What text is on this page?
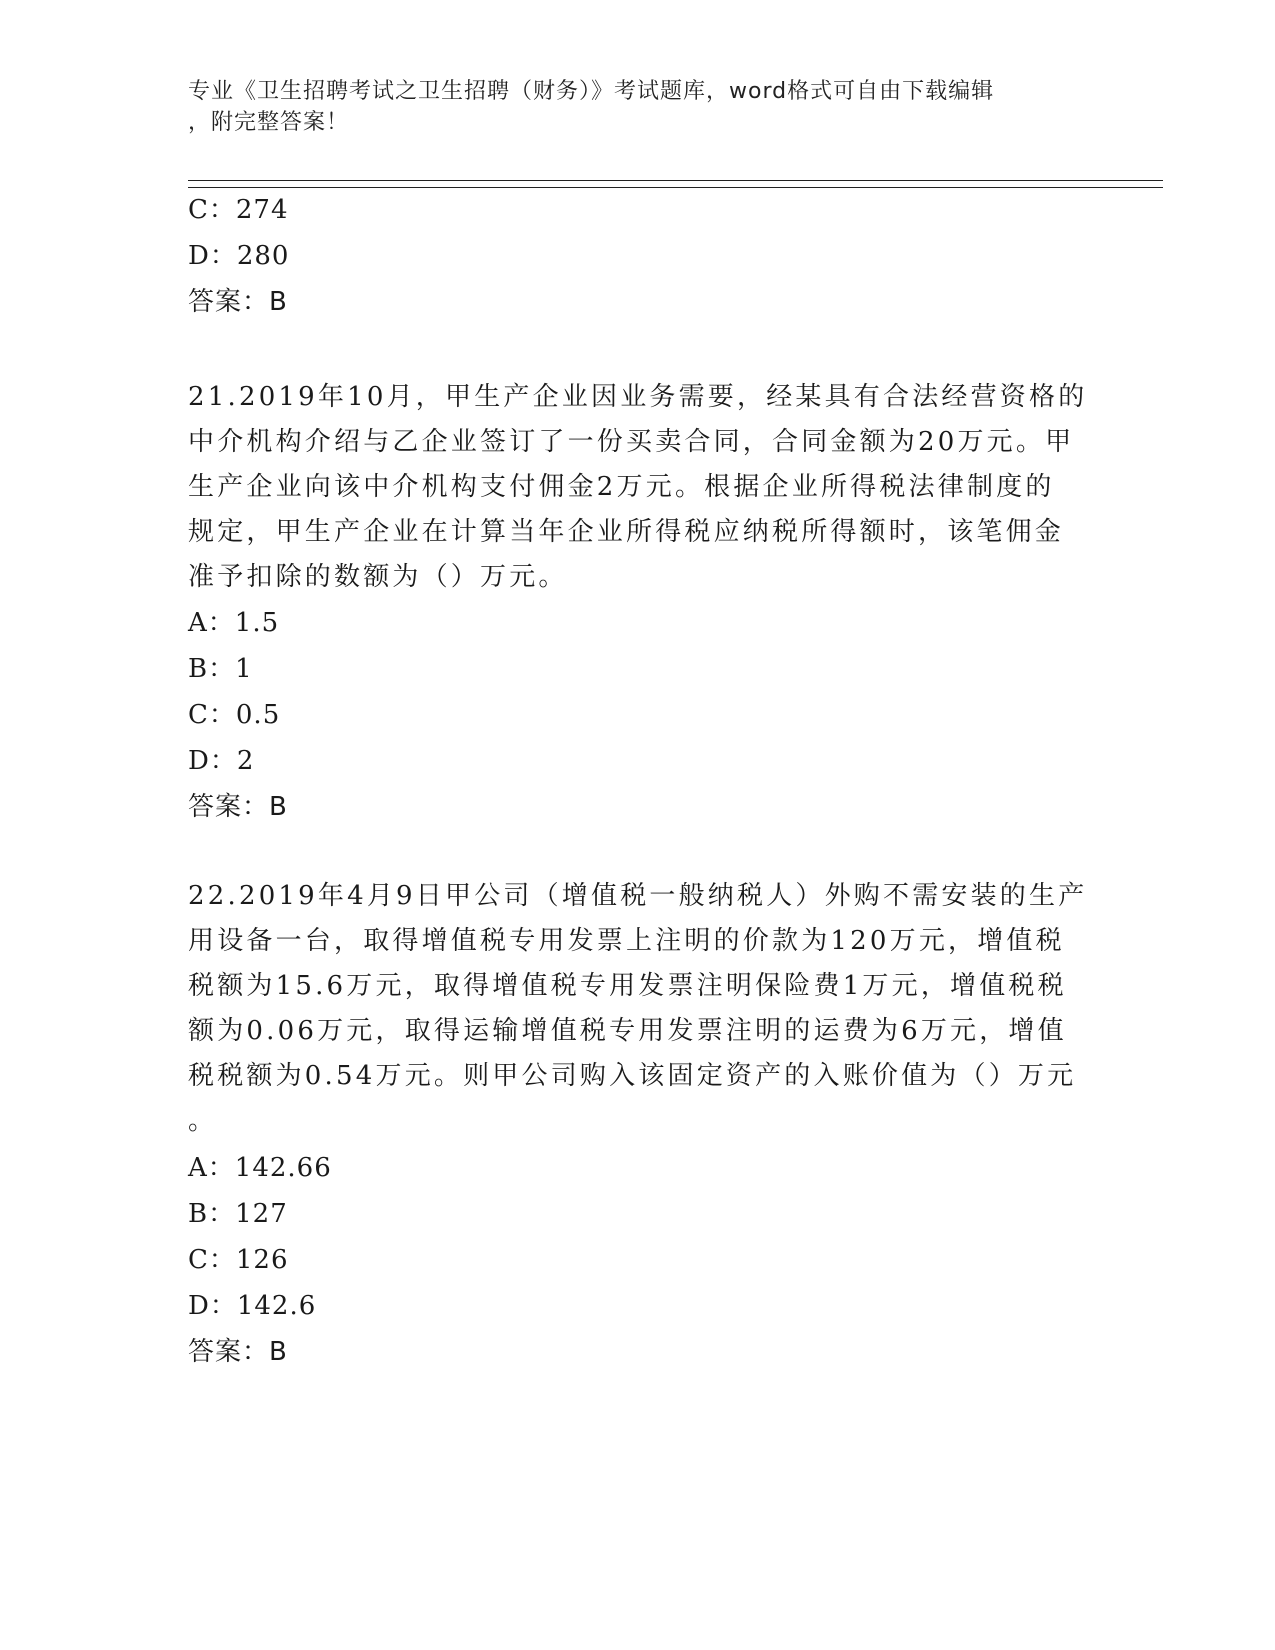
专业《卫生招聘考试之卫生招聘（财务）》考试题库，word格式可自由下载编辑
，附完整答案！
C：274
D：280
答案：B
21.2019年10月，甲生产企业因业务需要，经某具有合法经营资格的
中介机构介绍与乙企业签订了一份买卖合同，合同金额为20万元。甲
生产企业向该中介机构支付佣金2万元。根据企业所得税法律制度的
规定，甲生产企业在计算当年企业所得税应纳税所得额时，该笔佣金
准予扣除的数额为（）万元。
A：1.5
B：1
C：0.5
D：2
答案：B
22.2019年4月9日甲公司（增值税一般纳税人）外购不需安装的生产
用设备一台，取得增值税专用发票上注明的价款为120万元，增值税
税额为15.6万元，取得增值税专用发票注明保险费1万元，增值税税
额为0.06万元，取得运输增值税专用发票注明的运费为6万元，增值
税税额为0.54万元。则甲公司购入该固定资产的入账价值为（）万元
。
A：142.66
B：127
C：126
D：142.6
答案：B
